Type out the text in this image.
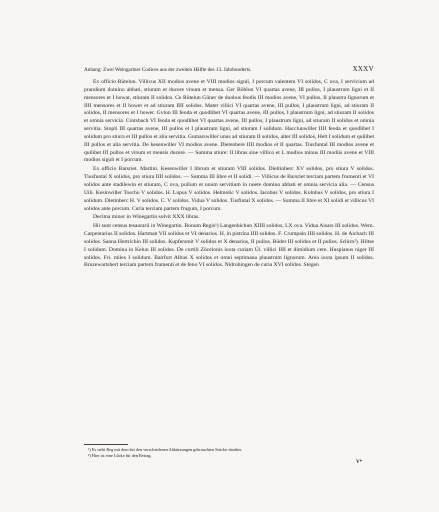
Anhang: Zwei Weingartner Codices aus der zweiten Hälfte des 13. Jahrhunderts.	XXXV

Ex officio Rütelun. Villicus XII modios avene et VIII modios siguli, I porcum valentem VI solidos, C ova, I servicium ad prandium domino abbati, stiuram et ducere vinum et mensa. Ger Böhlun VI quartas avene, III pullos, I plaustrum ligni et II mensores et I howar, stiuram II solidos. Ce Rütelun Güner de duobus feodis III modios avene, VI pullos, II plaustra lignorum et IIII mensores et II hower et ad stiuram IIII solidos. Mater villici VI quartas avene, III pullos, I plaustrum ligni, ad stiuram II solidos, II mensores et I hower. Gvlon III feoda et quodlibet VI quartas avene, III pullos, I plaustrum ligni, ad stiuram II solidos et omnia servicia. Crotsbach VI feoda et quodlibet VI quartas avene, III pullos, I plaustrum ligni, ad stiuram II solidos et omnia servitia. Stopli III quartas avene, III pullos et I plaustrum ligni, ad stiuram I solidum. Hacclunwiller IIII feoda et quodlibet I solidum pro stiura et III pullos et alia servitia. Gumarswiller unus ad stiuram II solidos, alter III solidos, Helt I solidum et quilibet III pullos et alia servitia. De kesenwiller VI modios avene. Dietenbere IIII modios et II quartas. Tiusfuntal III modios avene et quilibet III pullos et vinum et mensis ducere. — Summa stiure: II libras sine villico et L modios minus III modiis avene et VIII modios siguli et I porcum.

Ex officio Barsriet. Martini. Kesenwiller I librum et stiuram VIII solidos. Dietlinberc XV solidos, pro stiura V solidos. Tiusfuntal X solidos, pro stiura IIII solidos. — Summa III libre et II solidi. — Villicus de Barsriet terciam partem frumenti et VI solidos ante stadilewin et stiuram, C ova, pullum et unum servitium in noete domino abbati et omnia servicia alia. — Census Uili. Kesinwiller Toscho V solidos. H. Lupus V solidos. Helmolic V solidos. Iacobus V solidos. Kolnhus V solidos, pro stiura I solidum. Dietinberc H. V solidos. C. V solidos. Vidua V solidos. Tusfintal X solidos. — Summa II libre et XI solidi et villicus VI solidos ante porcum. Curia terciam partem frugum, I porcum.

Decima minor in Winegartin solvit XXX libras.

Hii sunt census tesaurarii in Winegartin. Bonum Regis¹) Langenhichun XIIII solidos, LX ova. Vidua Aisars III solidos. Wern. Carpentarius II solidos. Hartman VII solidos et VI denarios. H. in pistrina IIII solidos. F. Crumpain IIII solidos. H. de Aichach III solidos. Sanna Hertrichin III solidos. Kupfersmit V solidos et X denarios, II pullos. Büder III solidos et II pullos. Schirn²). Hiltse I solidum. Domina in Kelun III solidos. De curtili Zöcelonis iuxta curiam Ül. villici IIII et dimidium cere. Huspianus niger III solidos. Fri. miles I solidum. Bairfurt Albus X solidos et omni septimana plaustrum lignorum. Area iuxta ipsum II solidos. Bruzewartshert terciam partem frumenti et de feno VI solidos. Nidrobingen de curia XVI solidos. Stegen

¹) Es steht Reg mit dem bei den verschiedenen Abkürzungen gebrauchten Striche darüber.
²) Hier ist eine Lücke für den Betrag.
V*
